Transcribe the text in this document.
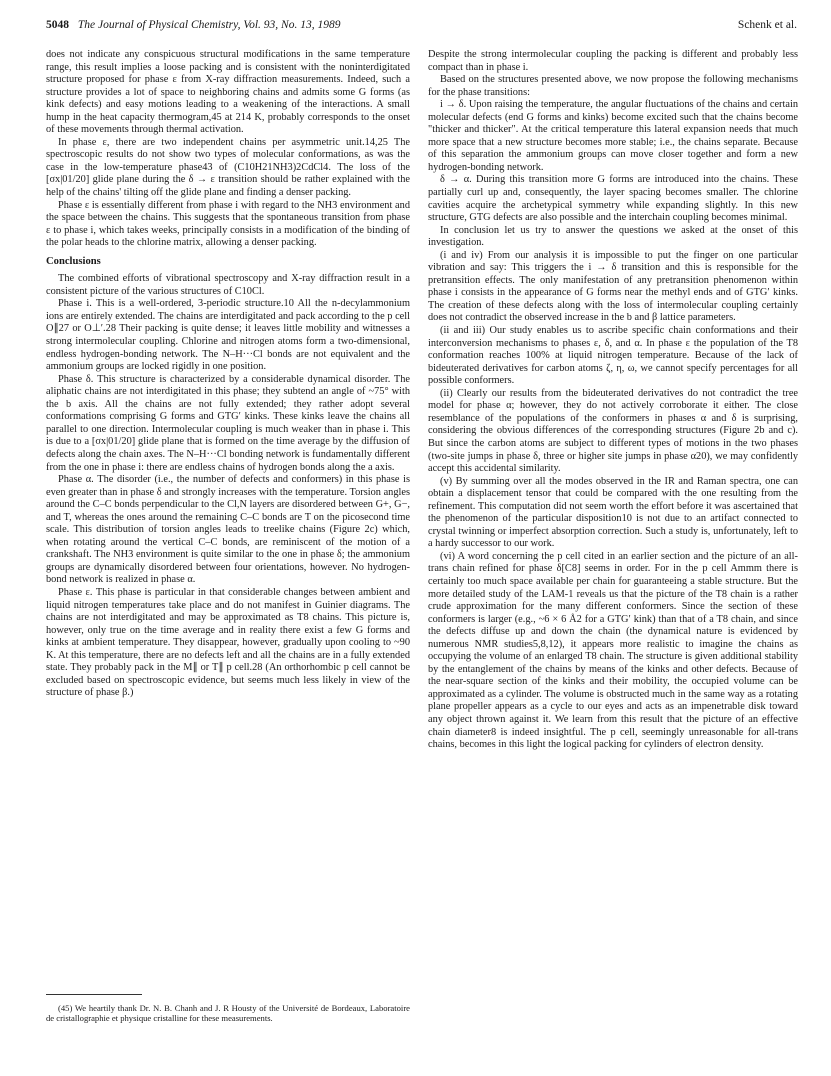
5048 The Journal of Physical Chemistry, Vol. 93, No. 13, 1989	Schenk et al.

does not indicate any conspicuous structural modifications in the same temperature range, this result implies a loose packing and is consistent with the noninterdigitated structure proposed for phase ε from X-ray diffraction measurements. Indeed, such a structure provides a lot of space to neighboring chains and admits some G forms (as kink defects) and easy motions leading to a weakening of the interactions. A small hump in the heat capacity thermogram,45 at 214 K, probably corresponds to the onset of these movements through thermal activation.

In phase ε, there are two independent chains per asymmetric unit.14,25 The spectroscopic results do not show two types of molecular conformations, as was the case in the low-temperature phase43 of (C10H21NH3)2CdCl4. The loss of the [σx|01/20] glide plane during the δ → ε transition should be rather explained with the help of the chains' tilting off the glide plane and finding a denser packing.

Phase ε is essentially different from phase i with regard to the NH3 environment and the space between the chains. This suggests that the spontaneous transition from phase ε to phase i, which takes weeks, principally consists in a modification of the binding of the polar heads to the chlorine matrix, allowing a denser packing.

Conclusions

The combined efforts of vibrational spectroscopy and X-ray diffraction result in a consistent picture of the various structures of C10Cl.

Phase i. This is a well-ordered, 3-periodic structure.10 All the n-decylammonium ions are entirely extended. The chains are interdigitated and pack according to the p cell O∥27 or O⊥′.28 Their packing is quite dense; it leaves little mobility and witnesses a strong intermolecular coupling. Chlorine and nitrogen atoms form a two-dimensional, endless hydrogen-bonding network. The N–H···Cl bonds are not equivalent and the ammonium groups are locked rigidly in one position.

Phase δ. This structure is characterized by a considerable dynamical disorder. The aliphatic chains are not interdigitated in this phase; they subtend an angle of ~75° with the b axis. All the chains are not fully extended; they rather adopt several conformations comprising G forms and GTG′ kinks. These kinks leave the chains all parallel to one direction. Intermolecular coupling is much weaker than in phase i. This is due to a [σx|01/20] glide plane that is formed on the time average by the diffusion of defects along the chain axes. The N–H···Cl bonding network is fundamentally different from the one in phase i: there are endless chains of hydrogen bonds along the a axis.

Phase α. The disorder (i.e., the number of defects and conformers) in this phase is even greater than in phase δ and strongly increases with the temperature. Torsion angles around the C–C bonds perpendicular to the Cl,N layers are disordered between G+, G−, and T, whereas the ones around the remaining C–C bonds are T on the picosecond time scale. This distribution of torsion angles leads to treelike chains (Figure 2c) which, when rotating around the vertical C–C bonds, are reminiscent of the motion of a crankshaft. The NH3 environment is quite similar to the one in phase δ; the ammonium groups are dynamically disordered between four orientations, however. No hydrogen-bond network is realized in phase α.

Phase ε. This phase is particular in that considerable changes between ambient and liquid nitrogen temperatures take place and do not manifest in Guinier diagrams. The chains are not interdigitated and may be approximated as T8 chains. This picture is, however, only true on the time average and in reality there exist a few G forms and kinks at ambient temperature. They disappear, however, gradually upon cooling to ~90 K. At this temperature, there are no defects left and all the chains are in a fully extended state. They probably pack in the M∥ or T∥ p cell.28 (An orthorhombic p cell cannot be excluded based on spectroscopic evidence, but seems much less likely in view of the structure of phase β.)

Despite the strong intermolecular coupling the packing is different and probably less compact than in phase i.

Based on the structures presented above, we now propose the following mechanisms for the phase transitions:

i → δ. Upon raising the temperature, the angular fluctuations of the chains and certain molecular defects (end G forms and kinks) become excited such that the chains become "thicker and thicker". At the critical temperature this lateral expansion needs that much more space that a new structure becomes more stable; i.e., the chains separate. Because of this separation the ammonium groups can move closer together and form a new hydrogen-bonding network.

δ → α. During this transition more G forms are introduced into the chains. These partially curl up and, consequently, the layer spacing becomes smaller. The chlorine cavities acquire the archetypical symmetry while expanding slightly. In this new structure, GTG defects are also possible and the interchain coupling becomes minimal.

In conclusion let us try to answer the questions we asked at the onset of this investigation.

(i and iv) From our analysis it is impossible to put the finger on one particular vibration and say: This triggers the i → δ transition and this is responsible for the pretransition effects. The only manifestation of any pretransition phenomenon within phase i consists in the appearance of G forms near the methyl ends and of GTG′ kinks. The creation of these defects along with the loss of intermolecular coupling certainly does not contradict the observed increase in the b and β lattice parameters.

(ii and iii) Our study enables us to ascribe specific chain conformations and their interconversion mechanisms to phases ε, δ, and α. In phase ε the population of the T8 conformation reaches 100% at liquid nitrogen temperature. Because of the lack of bideuterated derivatives for carbon atoms ζ, η, ω, we cannot specify percentages for all possible conformers.

(ii) Clearly our results from the bideuterated derivatives do not contradict the tree model for phase α; however, they do not actively corroborate it either. The close resemblance of the populations of the conformers in phases α and δ is surprising, considering the obvious differences of the corresponding structures (Figure 2b and c). But since the carbon atoms are subject to different types of motions in the two phases (two-site jumps in phase δ, three or higher site jumps in phase α20), we may confidently accept this accidental similarity.

(v) By summing over all the modes observed in the IR and Raman spectra, one can obtain a displacement tensor that could be compared with the one resulting from the refinement. This computation did not seem worth the effort before it was ascertained that the phenomenon of the particular disposition10 is not due to an artifact connected to crystal twinning or imperfect absorption correction. Such a study is, unfortunately, left to a hardy successor to our work.

(vi) A word concerning the p cell cited in an earlier section and the picture of an all-trans chain refined for phase δ[C8] seems in order. For in the p cell Ammm there is certainly too much space available per chain for guaranteeing a stable structure. But the more detailed study of the LAM-1 reveals us that the picture of the T8 chain is a rather crude approximation for the many different conformers. Since the section of these conformers is larger (e.g., ~6 × 6 Å2 for a GTG′ kink) than that of a T8 chain, and since the defects diffuse up and down the chain (the dynamical nature is evidenced by numerous NMR studies5,8,12), it appears more realistic to imagine the chains as occupying the volume of an enlarged T8 chain. The structure is given additional stability by the entanglement of the chains by means of the kinks and other defects. Because of the near-square section of the kinks and their mobility, the occupied volume can be approximated as a cylinder. The volume is obstructed much in the same way as a rotating plane propeller appears as a cycle to our eyes and acts as an impenetrable disk toward any object thrown against it. We learn from this result that the picture of an effective chain diameter8 is indeed insightful. The p cell, seemingly unreasonable for all-trans chains, becomes in this light the logical packing for cylinders of electron density.

(45) We heartily thank Dr. N. B. Chanh and J. R Housty of the Université de Bordeaux, Laboratoire de cristallographie et physique cristalline for these measurements.
